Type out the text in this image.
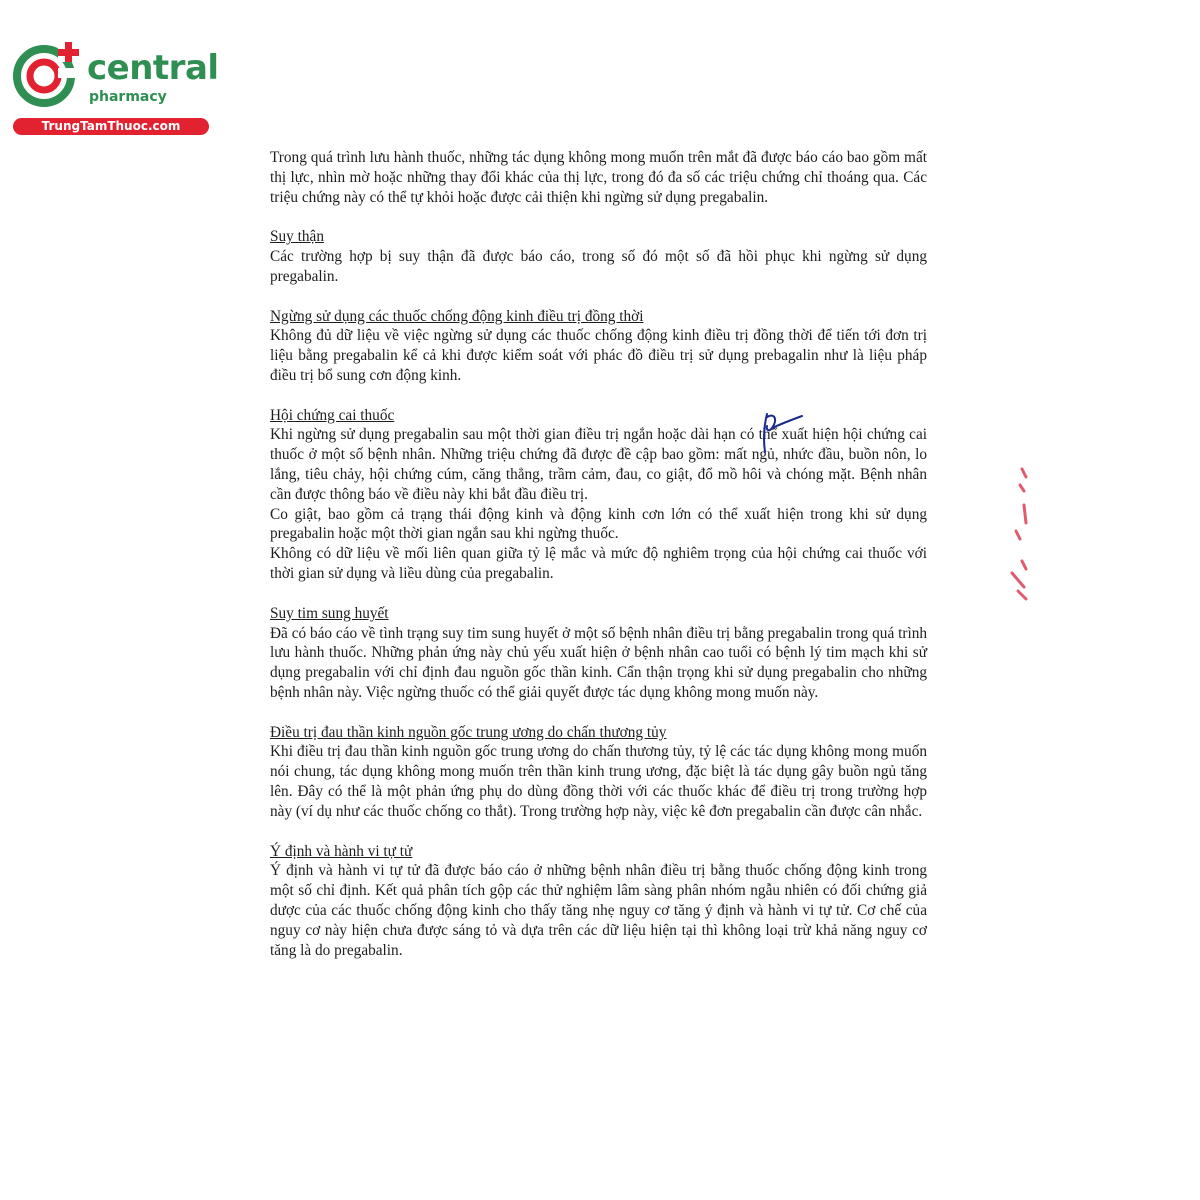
central
pharmacy
TrungTamThuoc.com

Trong quá trình lưu hành thuốc, những tác dụng không mong muốn trên mắt đã được báo cáo bao gồm mất thị lực, nhìn mờ hoặc những thay đổi khác của thị lực, trong đó đa số các triệu chứng chỉ thoáng qua. Các triệu chứng này có thể tự khỏi hoặc được cải thiện khi ngừng sử dụng pregabalin.

Suy thận

Các trường hợp bị suy thận đã được báo cáo, trong số đó một số đã hồi phục khi ngừng sử dụng pregabalin.

Ngừng sử dụng các thuốc chống động kinh điều trị đồng thời

Không đủ dữ liệu về việc ngừng sử dụng các thuốc chống động kinh điều trị đồng thời để tiến tới đơn trị liệu bằng pregabalin kể cả khi được kiểm soát với phác đồ điều trị sử dụng prebagalin như là liệu pháp điều trị bổ sung cơn động kinh.

Hội chứng cai thuốc

Khi ngừng sử dụng pregabalin sau một thời gian điều trị ngắn hoặc dài hạn có thể xuất hiện hội chứng cai thuốc ở một số bệnh nhân. Những triệu chứng đã được đề cập bao gồm: mất ngủ, nhức đầu, buồn nôn, lo lắng, tiêu chảy, hội chứng cúm, căng thẳng, trầm cảm, đau, co giật, đổ mồ hôi và chóng mặt. Bệnh nhân cần được thông báo về điều này khi bắt đầu điều trị.

Co giật, bao gồm cả trạng thái động kinh và động kinh cơn lớn có thể xuất hiện trong khi sử dụng pregabalin hoặc một thời gian ngắn sau khi ngừng thuốc.

Không có dữ liệu về mối liên quan giữa tỷ lệ mắc và mức độ nghiêm trọng của hội chứng cai thuốc với thời gian sử dụng và liều dùng của pregabalin.

Suy tim sung huyết

Đã có báo cáo về tình trạng suy tim sung huyết ở một số bệnh nhân điều trị bằng pregabalin trong quá trình lưu hành thuốc. Những phản ứng này chủ yếu xuất hiện ở bệnh nhân cao tuổi có bệnh lý tim mạch khi sử dụng pregabalin với chỉ định đau nguồn gốc thần kinh. Cẩn thận trọng khi sử dụng pregabalin cho những bệnh nhân này. Việc ngừng thuốc có thể giải quyết được tác dụng không mong muốn này.

Điều trị đau thần kinh nguồn gốc trung ương do chấn thương tủy

Khi điều trị đau thần kinh nguồn gốc trung ương do chấn thương tủy, tỷ lệ các tác dụng không mong muốn nói chung, tác dụng không mong muốn trên thần kinh trung ương, đặc biệt là tác dụng gây buồn ngủ tăng lên. Đây có thể là một phản ứng phụ do dùng đồng thời với các thuốc khác để điều trị trong trường hợp này (ví dụ như các thuốc chống co thắt). Trong trường hợp này, việc kê đơn pregabalin cần được cân nhắc.

Ý định và hành vi tự tử

Ý định và hành vi tự tử đã được báo cáo ở những bệnh nhân điều trị bằng thuốc chống động kinh trong một số chỉ định. Kết quả phân tích gộp các thử nghiệm lâm sàng phân nhóm ngẫu nhiên có đối chứng giả dược của các thuốc chống động kinh cho thấy tăng nhẹ nguy cơ tăng ý định và hành vi tự tử. Cơ chế của nguy cơ này hiện chưa được sáng tỏ và dựa trên các dữ liệu hiện tại thì không loại trừ khả năng nguy cơ tăng là do pregabalin.
